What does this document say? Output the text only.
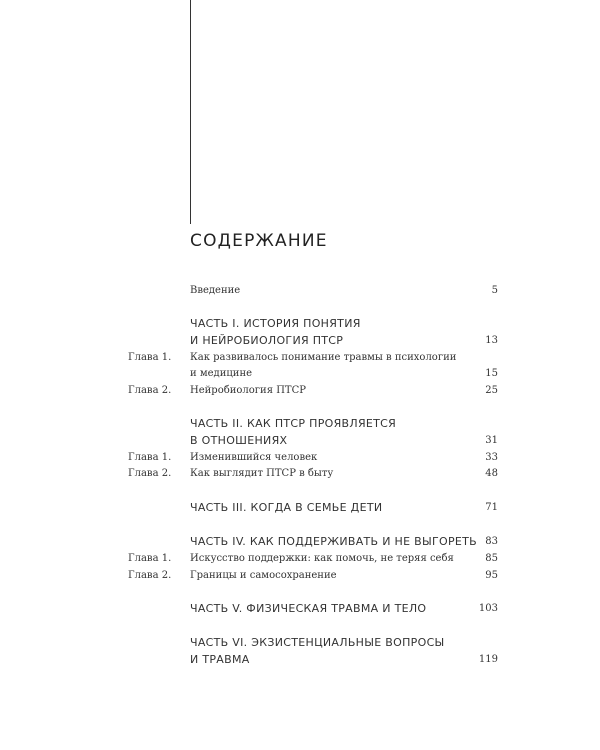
СОДЕРЖАНИЕ
Введение	5
ЧАСТЬ I. ИСТОРИЯ ПОНЯТИЯ
И НЕЙРОБИОЛОГИЯ ПТСР	13
Глава 1. Как развивалось понимание травмы в психологии
и медицине	15
Глава 2. Нейробиология ПТСР	25
ЧАСТЬ II. КАК ПТСР ПРОЯВЛЯЕТСЯ
В ОТНОШЕНИЯХ	31
Глава 1. Изменившийся человек	33
Глава 2. Как выглядит ПТСР в быту	48
ЧАСТЬ III. КОГДА В СЕМЬЕ ДЕТИ	71
ЧАСТЬ IV. КАК ПОДДЕРЖИВАТЬ И НЕ ВЫГОРЕТЬ 83
Глава 1. Искусство поддержки: как помочь, не теряя себя	85
Глава 2. Границы и самосохранение	95
ЧАСТЬ V. ФИЗИЧЕСКАЯ ТРАВМА И ТЕЛО	103
ЧАСТЬ VI. ЭКЗИСТЕНЦИАЛЬНЫЕ ВОПРОСЫ
И ТРАВМА	119
